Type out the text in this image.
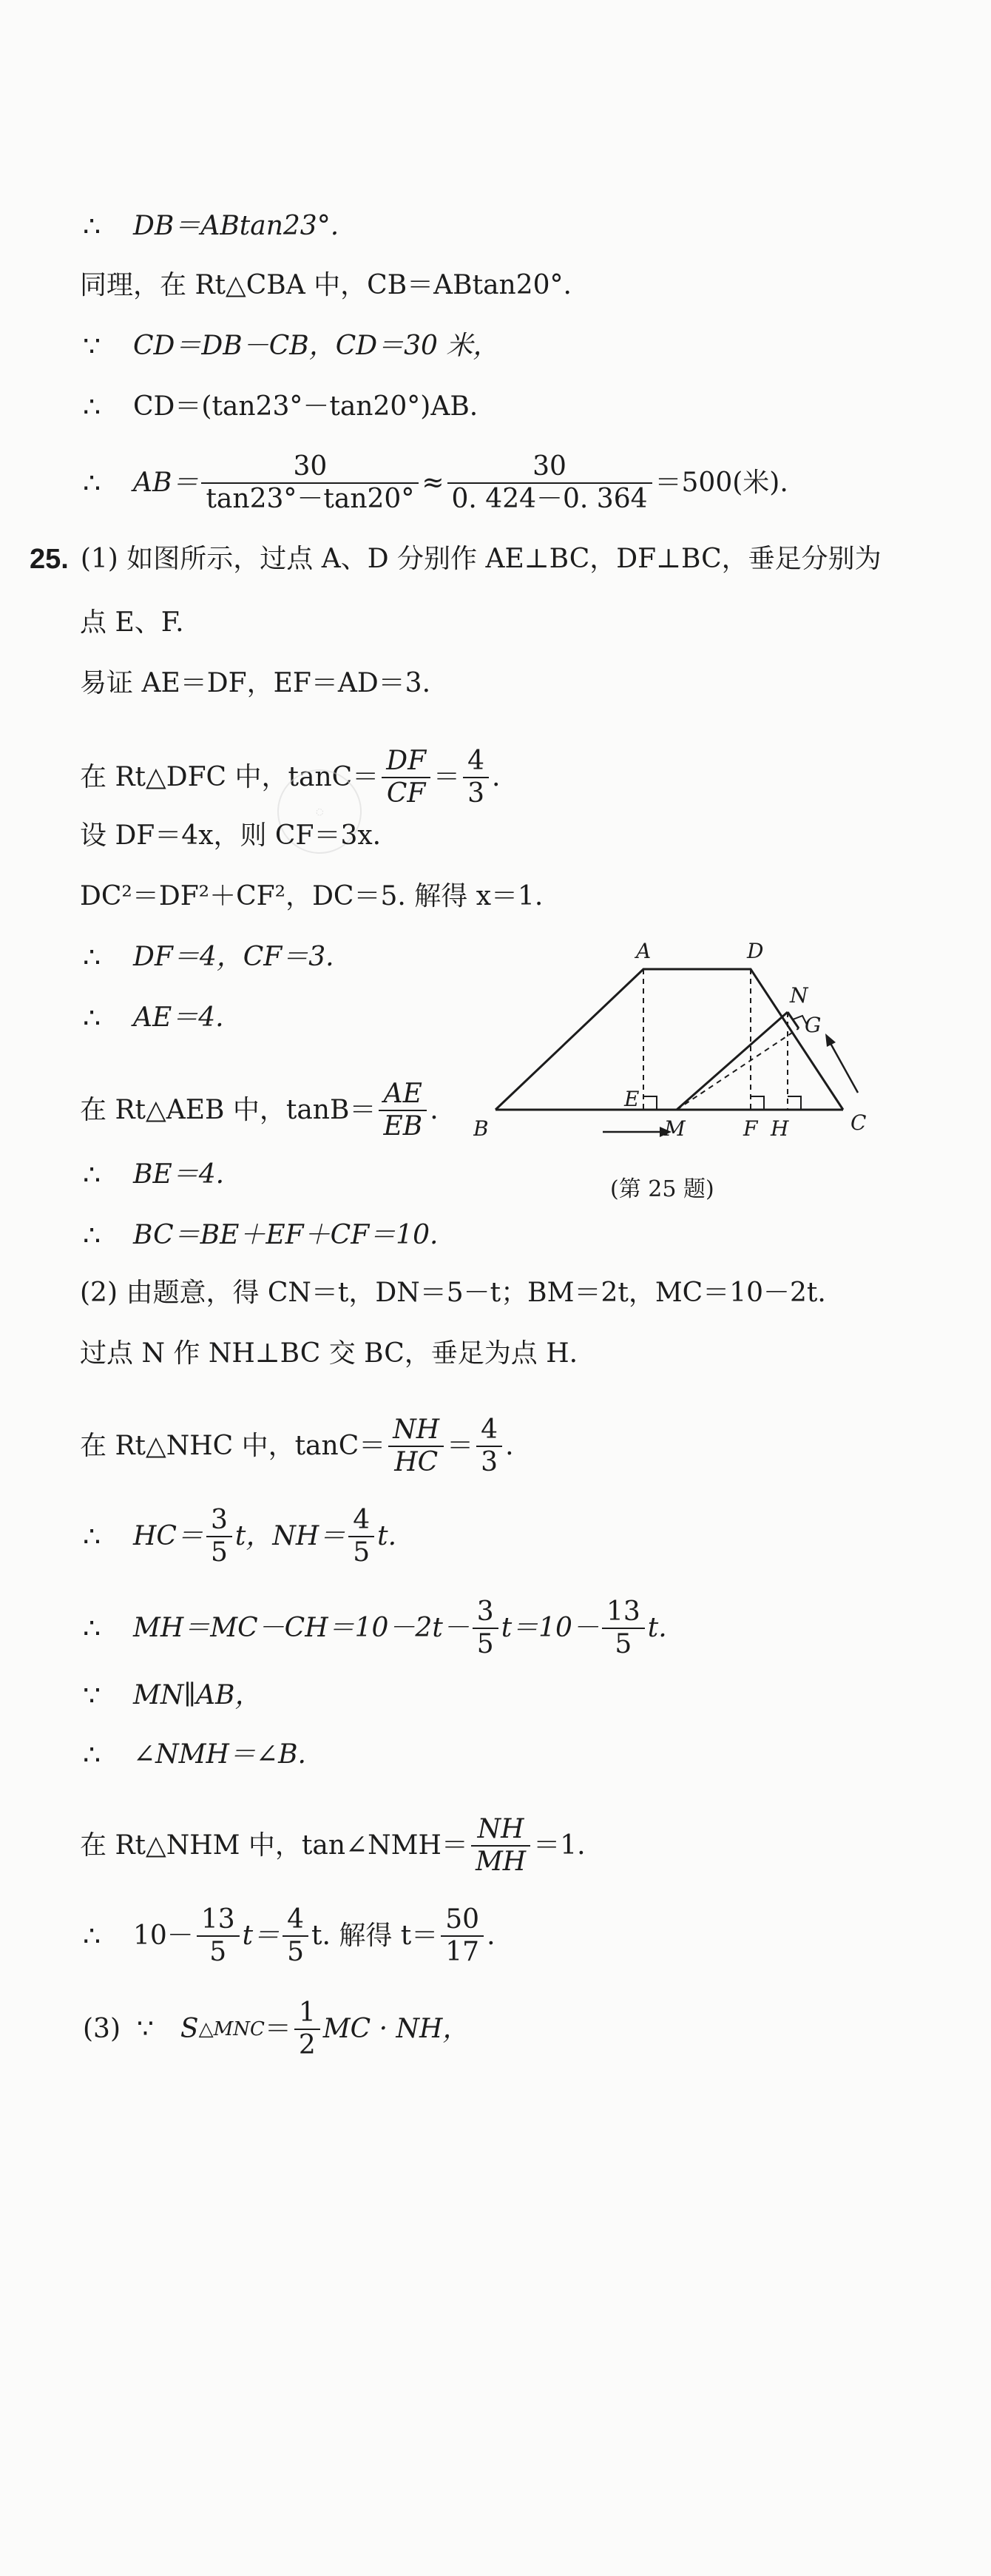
∴	DB＝ABtan23°.
同理，在 Rt△CBA 中，CB＝ABtan20°.
∵	CD＝DB－CB，CD＝30 米，
∴	CD＝(tan23°－tan20°)AB.
∴	$AB= \frac{30}{\tan 23^\circ-\tan 20^\circ} \approx \frac{30}{0. 424-0. 364} =500$(米).
25. (1) 如图所示，过点 A、D 分别作 AE⊥BC，DF⊥BC，垂足分别为
点 E、F.
易证 AE＝DF，EF＝AD＝3.
在 Rt△DFC 中，$\tan C= \frac{DF}{CF} = \frac{4}{3}$ .
◌
设 DF＝4x，则 CF＝3x.
DC²＝DF²＋CF²，DC＝5. 解得 x＝1.
∴	DF＝4，CF＝3.
∴	AE＝4.
在 Rt△AEB 中，$\tan B= \frac{AE}{EB}$ .
∴	BE＝4.
∴	BC＝BE＋EF＋CF＝10.
A	D
N
G
E
M	F H	C
B
(第 25 题)
(2) 由题意，得 CN＝t，DN＝5－t；BM＝2t，MC＝10－2t.
过点 N 作 NH⊥BC 交 BC，垂足为点 H.
在 Rt△NHC 中，$\tan C= \frac{NH}{HC} = \frac{4}{3}$ .
∴	$HC= \frac{3}{5}$ t，$NH= \frac{4}{5} t$.
∴	$MH=MC-CH=10-2t- \frac{3}{5} t=10- \frac{13}{5} t$.
∵	MN∥AB，
∴	∠NMH＝∠B.
在 Rt△NHM 中，tan∠NMH＝ $\frac{NH}{MH} =1$.
∴	$10- \frac{13}{5} t= \frac{4}{5} t$. 解得 $t= \frac{50}{17}$ .
(3) ∵ S △MNC ＝ $\frac{1}{2}$ MC · NH，
